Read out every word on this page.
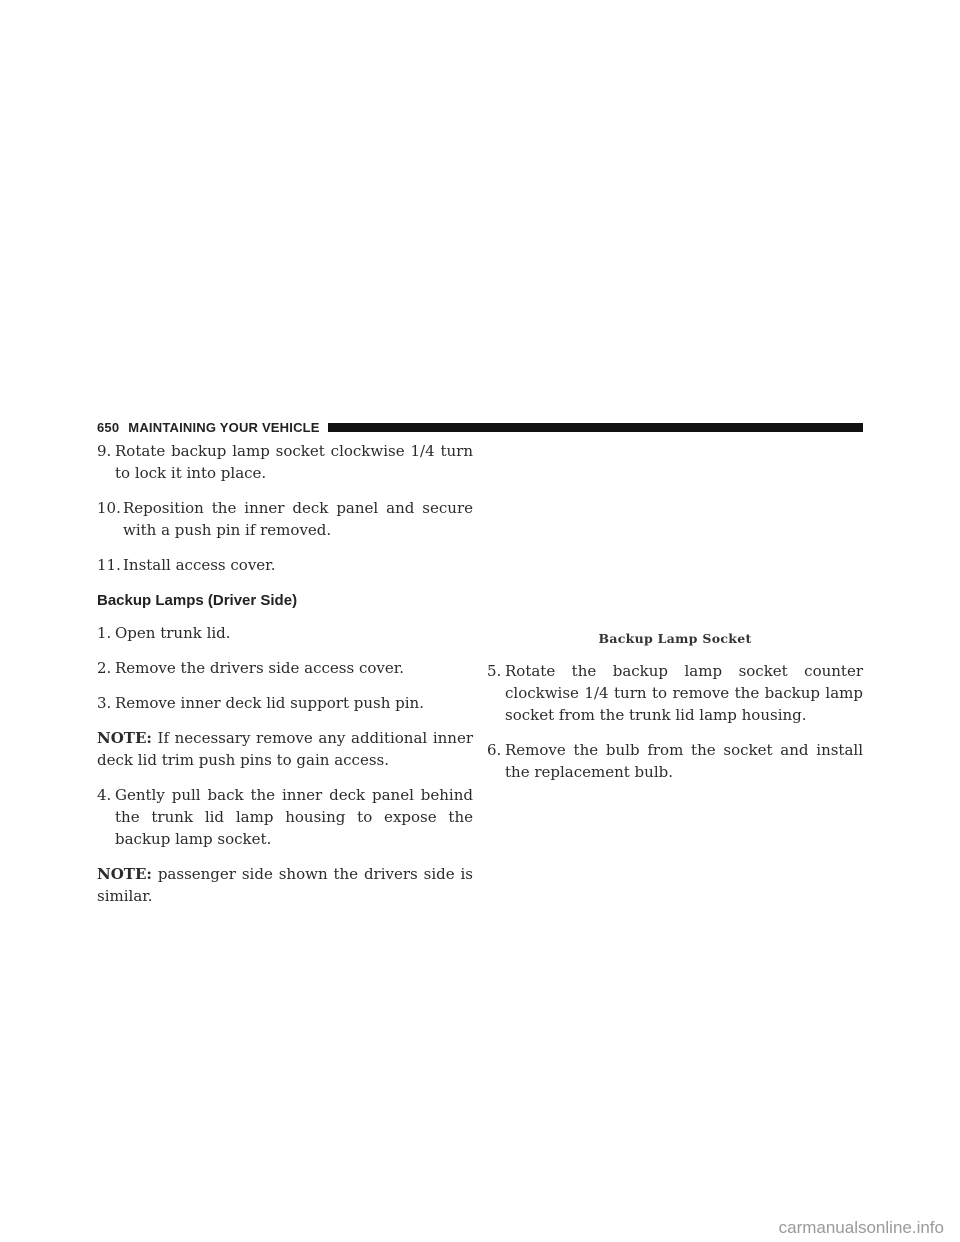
650 MAINTAINING YOUR VEHICLE
9. Rotate backup lamp socket clockwise 1/4 turn to lock it into place.
10. Reposition the inner deck panel and secure with a push pin if removed.
11. Install access cover.
Backup Lamps (Driver Side)
1. Open trunk lid.
2. Remove the drivers side access cover.
3. Remove inner deck lid support push pin.

NOTE: If necessary remove any additional inner deck lid trim push pins to gain access.

4. Gently pull back the inner deck panel behind the trunk lid lamp housing to expose the backup lamp socket.

NOTE: passenger side shown the drivers side is similar.

Backup Lamp Socket
5. Rotate the backup lamp socket counter clockwise 1/4 turn to remove the backup lamp socket from the trunk lid lamp housing.
6. Remove the bulb from the socket and install the replacement bulb.
carmanualsonline.info
